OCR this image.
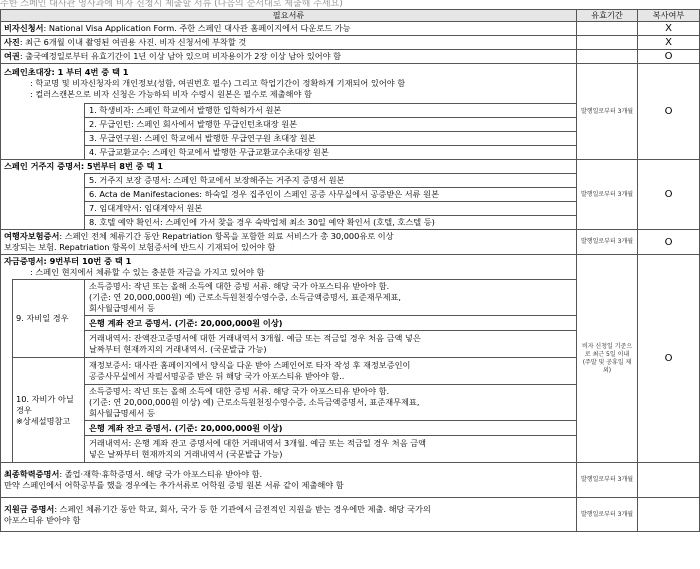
주한 스페인 대사관 영사과에 비자 신청시 제출할 서류 (다음의 순서대로 제출해 주세요)
필요서류			유효기간	복사여부
비자신청서: National Visa Application Form. 주한 스페인 대사관 홈페이지에서 다운로드 가능				X
사진: 최근 6개월 이내 촬영된 여권용 사진. 비자 신청서에 부착할 것				X
여권: 출국예정일로부터 유효기간이 1년 이상 남아 있으며 비자용이가 2장 이상 남아 있어야 함				O

스페인초대장: 1 부터 4번 중 택 1
: 학교명 및 비자신청자의 개인정보(성함, 여권번호 필수) 그리고 학업기간이 정확하게 기재되어 있어야 함
: 컬러스캔본으로 비자 신청은 가능하되 비자 수령시 원본은 필수로 제출해야 함			발행일로부터 3개월	O
		1. 학생비자: 스페인 학교에서 발행한 입학허가서 원본		
		2. 무급인턴: 스페인 회사에서 발행한 무급인턴초대장 원본		
		3. 무급연구원: 스페인 학교에서 발행한 무급연구원 초대장 원본		
		4. 무급교환교수: 스페인 학교에서 발행한 무급교환교수초대장 원본		
스페인 거주지 증명서: 5번부터 8번 중 택 1			발행일로부터 3개월	O
		5. 거주지 보장 증명서: 스페인 학교에서 보장해주는 거주지 증명서 원본		
		6. Acta de Manifestaciones: 하숙일 경우 집주인이 스페인 공증 사무실에서 공증받은 서류 원본		
		7. 임대계약서: 임대계약서 원본		
		8. 호텔 예약 확인서: 스페인에 가서 찾을 경우 숙박업체 최소 30일 예약 확인서 (호텔, 호스텔 등)		

여행자보험증서: 스페인 전체 체류기간 동안 Repatriation 항목을 포함한 의료 서비스가 총 30,000유로 이상
보장되는 보험. Repatriation 항목이 보험증서에 반드시 기재되어 있어야 함			발행일로부터 3개월	O

자금증명서: 9번부터 10번 중 택 1
: 스페인 현지에서 체류할 수 있는 충분한 자금을 가지고 있어야 함			비자 신청일 기준으로 최근 5일 이내 (주말 및 공휴일 제외)	O
	9. 자비일 경우	소득증명서: 작년 또는 올해 소득에 대한 증빙 서류. 해당 국가 아포스티유 받아야 함.
(기준: 연 20,000,000원) 예) 근로소득원천징수영수증, 소득금액증명서, 표준재무제표,
회사월급명세서 등		

		은행 계좌 잔고 증명서. (기준: 20,000,000원 이상)		

		거래내역서: 잔액잔고증명서에 대한 거래내역서 3개월. 예금 또는 적금일 경우 처음 금액 넣은
날짜부터 현재까지의 거래내역서. (국문발급 가능)		

	10. 자비가 아닐 경우
※상세설명참고	재정보증서: 대사관 홈페이지에서 양식을 다운 받아 스페인어로 타자 작성 후 재정보증인이
공증사무실에서 자필서명공증 받은 뒤 해당 국가 아포스티유 받아야 함..		

		소득증명서: 작년 또는 올해 소득에 대한 증빙 서류. 해당 국가 아포스티유 받아야 함.
(기준: 연 20,000,000원 이상) 예) 근로소득원천징수영수증, 소득금액증명서, 표준재무제표,
회사월급명세서 등		

		은행 계좌 잔고 증명서. (기준: 20,000,000원 이상)		

		거래내역서: 은행 계좌 잔고 증명서에 대한 거래내역서 3개월. 예금 또는 적금일 경우 처음 금액
넣은 날짜부터 현재까지의 거래내역서 (국문발급 가능)		

최종학력증명서: 졸업·재학·휴학증명서. 해당 국가 아포스티유 받아야 함.
만약 스페인에서 어학공부를 했을 경우에는 추가서류로 어학원 증빙 원본 서류 같이 제출해야 함			발행일로부터 3개월	

지원금 증명서: 스페인 체류기간 동안 학교, 회사, 국가 등 한 기관에서 금전적인 지원을 받는 경우에만 제출. 해당 국가의
아포스티유 받아야 함			발행일로부터 3개월	
